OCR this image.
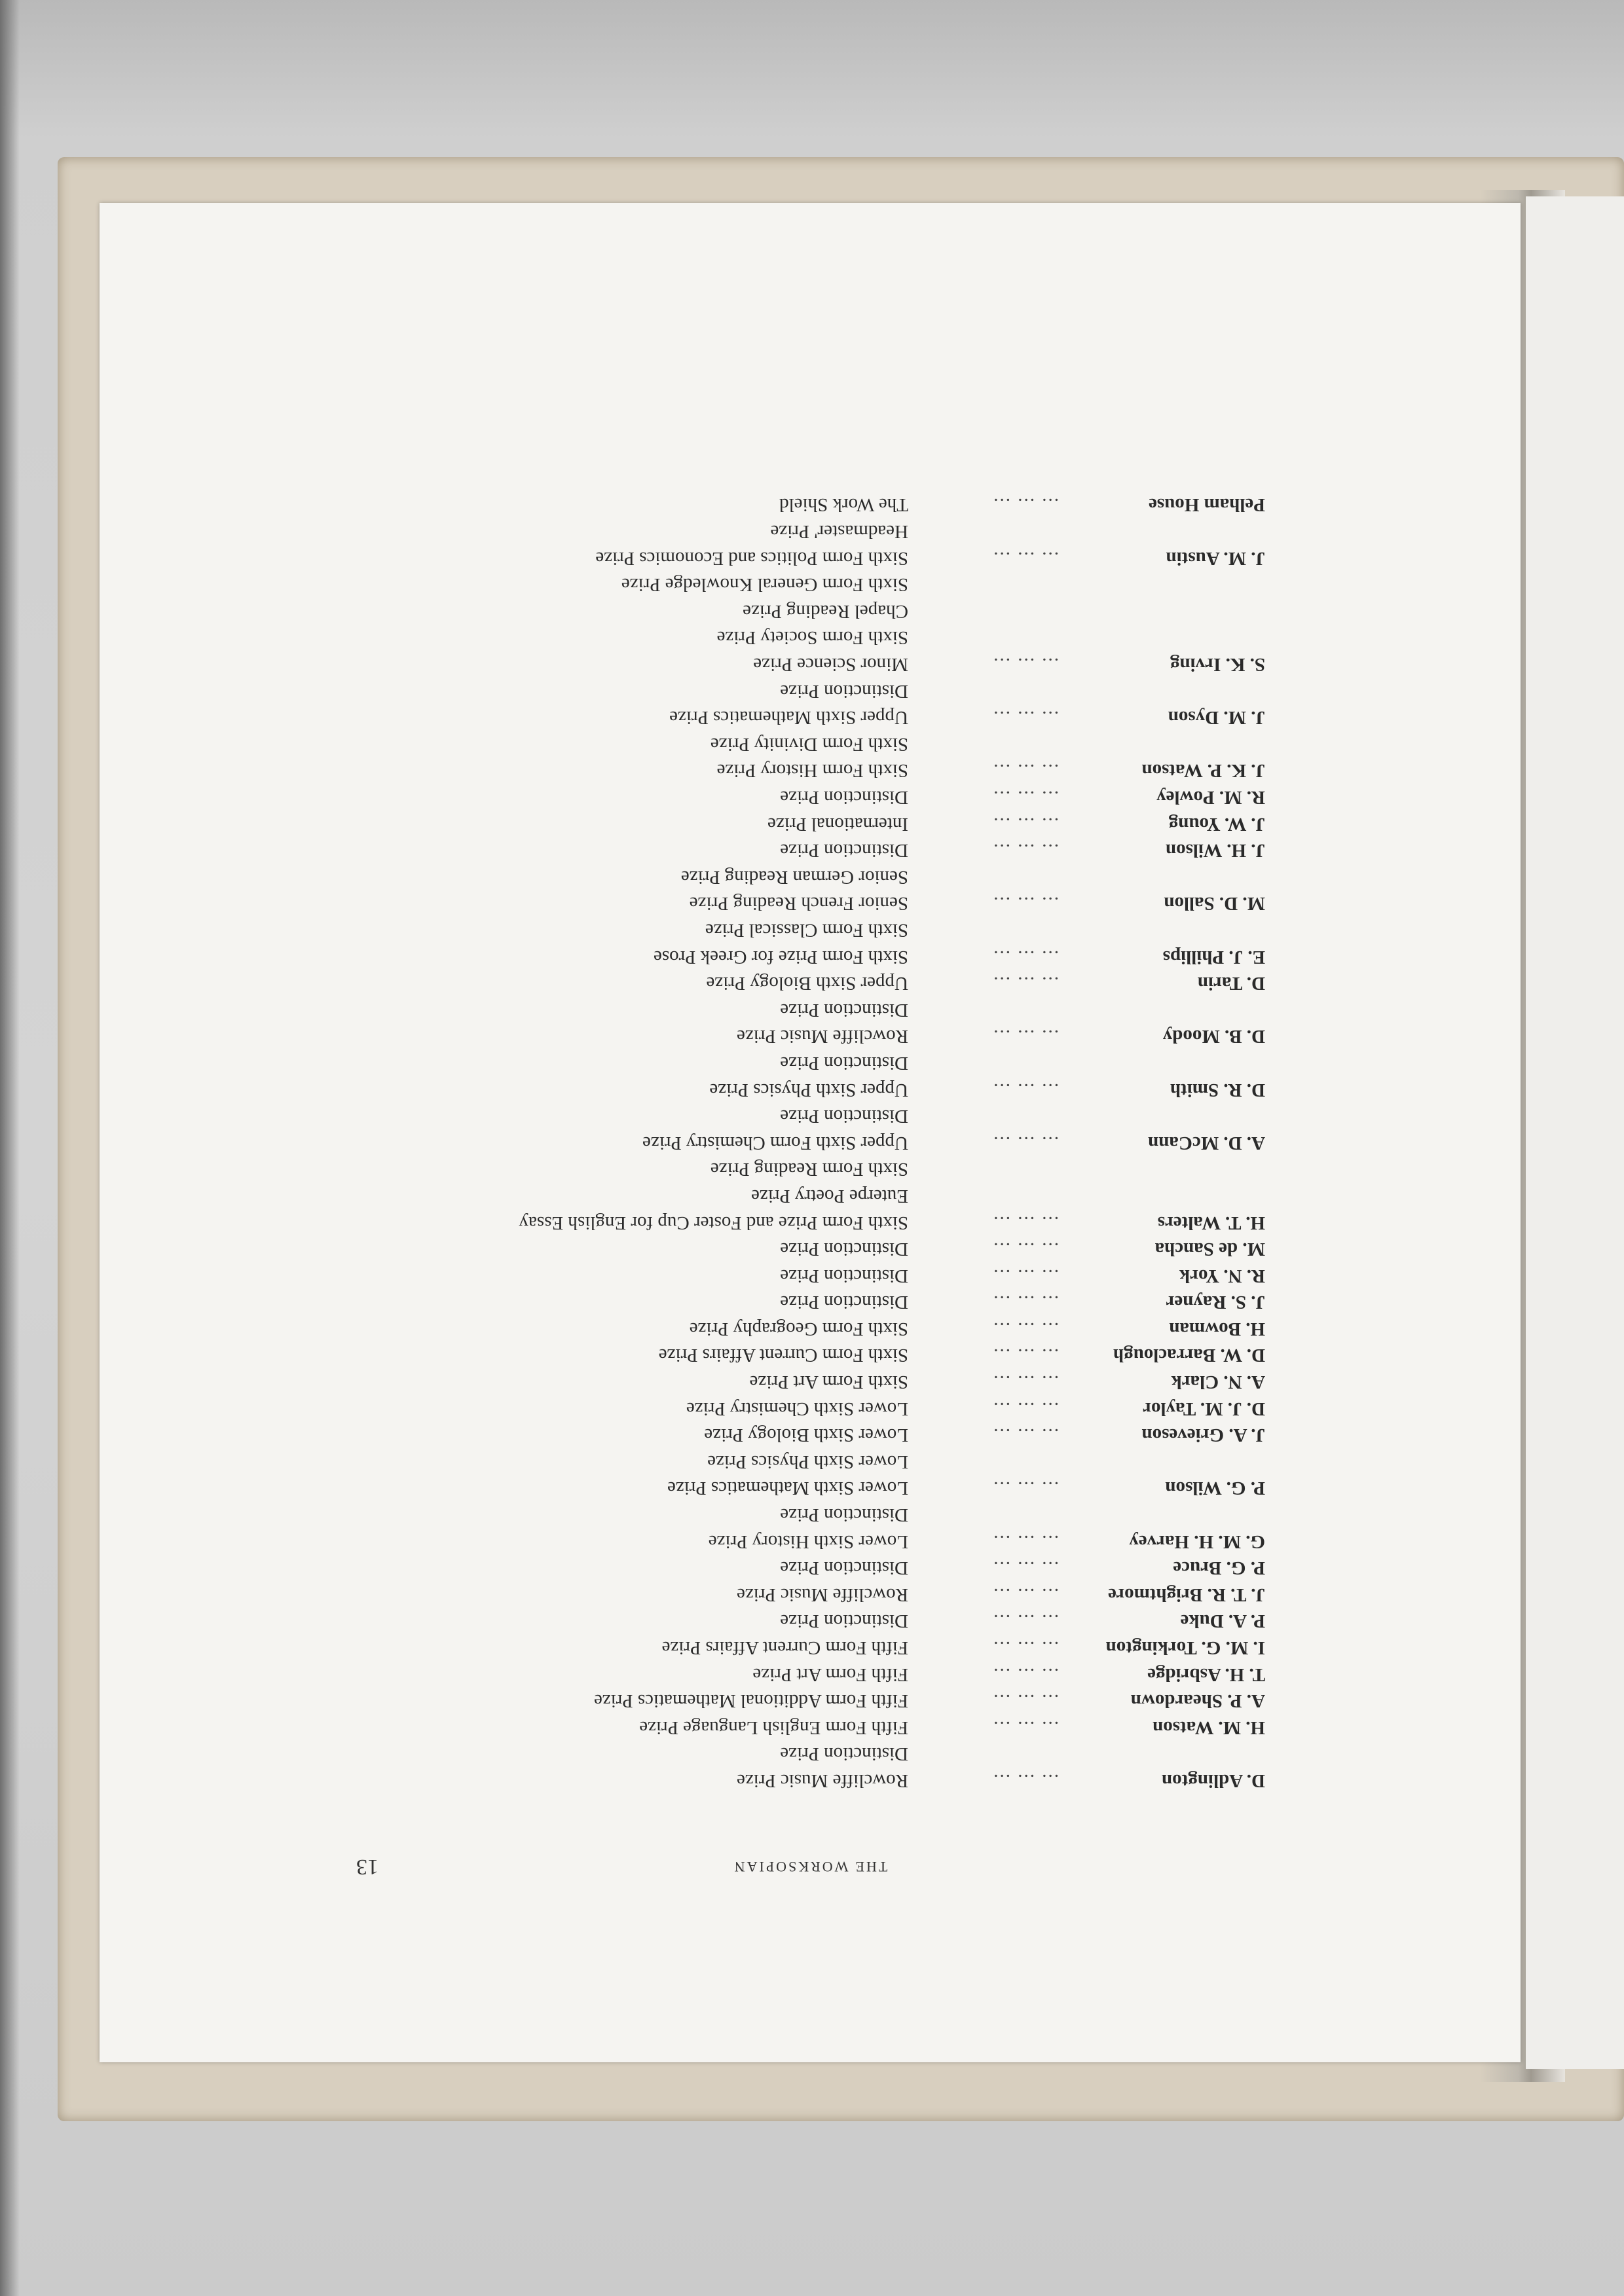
THE WORKSOPIAN
13
D. Adlington
... ... ...
Rowcliffe Music Prize
Distinction Prize
H. M. Watson
... ... ...
Fifth Form English Language Prize
A. P. Sheardown
... ... ...
Fifth Form Additional Mathematics Prize
T. H. Asbridge
... ... ...
Fifth Form Art Prize
I. M. G. Torkington
... ... ...
Fifth Form Current Affairs Prize
P. A. Duke
... ... ...
Distinction Prize
J. T. R. Brightmore
... ... ...
Rowcliffe Music Prize
P. G. Bruce
... ... ...
Distinction Prize
G. M. H. Harvey
... ... ...
Lower Sixth History Prize
Distinction Prize
P. G. Wilson
... ... ...
Lower Sixth Mathematics Prize
Lower Sixth Physics Prize
J. A. Grieveson
... ... ...
Lower Sixth Biology Prize
D. J. M. Taylor
... ... ...
Lower Sixth Chemistry Prize
A. N. Clark
... ... ...
Sixth Form Art Prize
D. W. Barraclough
... ... ...
Sixth Form Current Affairs Prize
H. Bowman
... ... ...
Sixth Form Geography Prize
J. S. Rayner
... ... ...
Distinction Prize
R. N. York
... ... ...
Distinction Prize
M. de Sancha
... ... ...
Distinction Prize
H. T. Walters
... ... ...
Sixth Form Prize and Foster Cup for English Essay
Euterpe Poetry Prize
Sixth Form Reading Prize
A. D. McCann
... ... ...
Upper Sixth Form Chemistry Prize
Distinction Prize
D. R. Smith
... ... ...
Upper Sixth Physics Prize
Distinction Prize
D. B. Moody
... ... ...
Rowcliffe Music Prize
Distinction Prize
D. Tarin
... ... ...
Upper Sixth Biology Prize
E. J. Phillips
... ... ...
Sixth Form Prize for Greek Prose
Sixth Form Classical Prize
M. D. Sallon
... ... ...
Senior French Reading Prize
Senior German Reading Prize
J. H. Wilson
... ... ...
Distinction Prize
J. W. Young
... ... ...
International Prize
R. M. Powley
... ... ...
Distinction Prize
J. K. P. Watson
... ... ...
Sixth Form History Prize
Sixth Form Divinity Prize
J. M. Dyson
... ... ...
Upper Sixth Mathematics Prize
Distinction Prize
S. K. Irving
... ... ...
Minor Science Prize
Sixth Form Society Prize
Chapel Reading Prize
Sixth Form General Knowledge Prize
J. M. Austin
... ... ...
Sixth Form Politics and Economics Prize
Headmaster' Prize
Pelham House
... ... ...
The Work Shield
